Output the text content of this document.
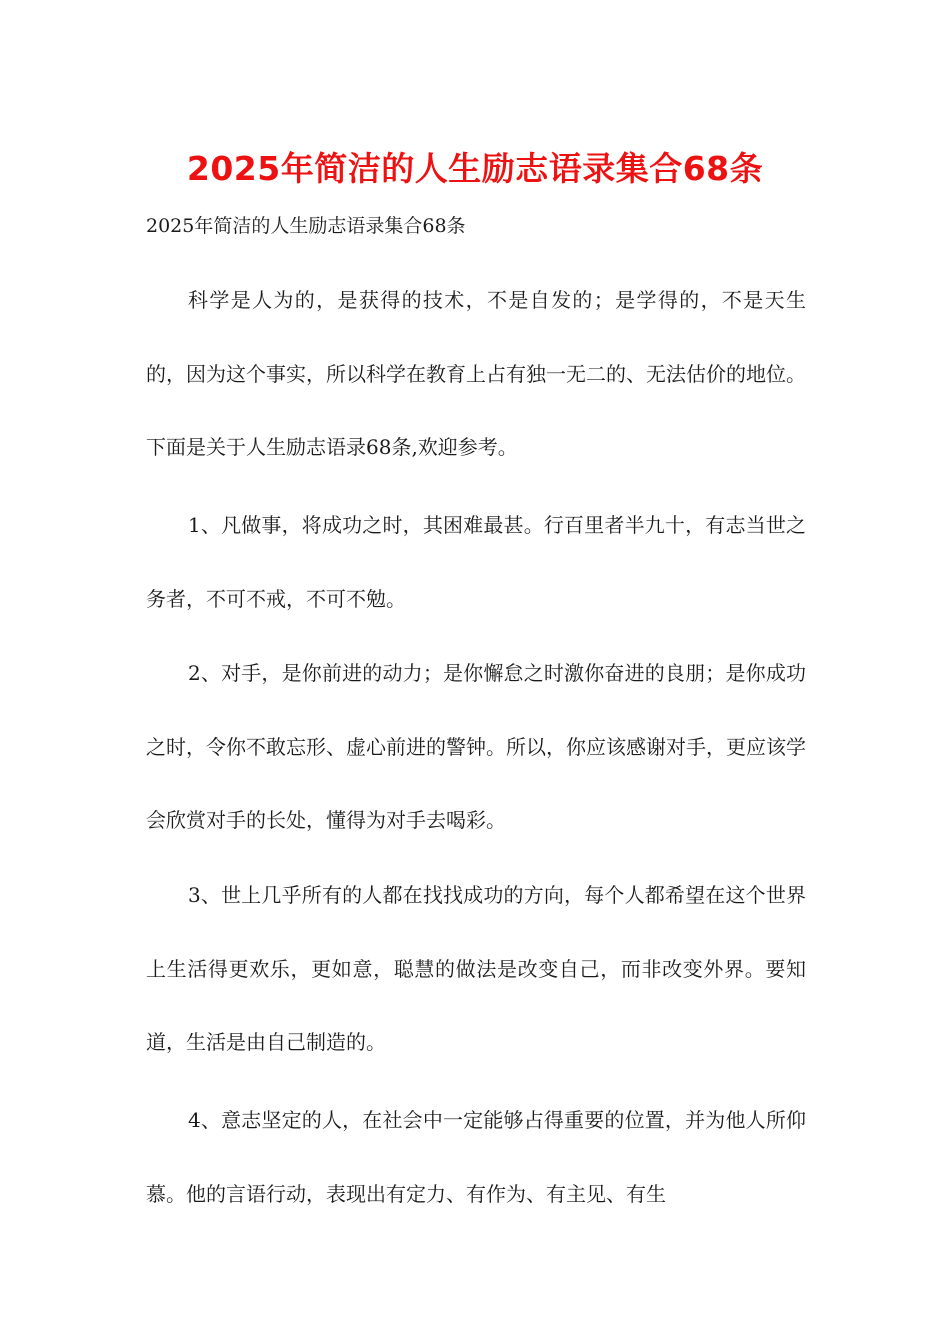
2025年简洁的人生励志语录集合68条
2025年简洁的人生励志语录集合68条

科学是人为的，是获得的技术，不是自发的；是学得的，不是天生的，因为这个事实，所以科学在教育上占有独一无二的、无法估价的地位。下面是关于人生励志语录68条,欢迎参考。

1、凡做事，将成功之时，其困难最甚。行百里者半九十，有志当世之务者，不可不戒，不可不勉。

2、对手，是你前进的动力；是你懈怠之时激你奋进的良朋；是你成功之时，令你不敢忘形、虚心前进的警钟。所以，你应该感谢对手，更应该学会欣赏对手的长处，懂得为对手去喝彩。

3、世上几乎所有的人都在找找成功的方向，每个人都希望在这个世界上生活得更欢乐，更如意，聪慧的做法是改变自己，而非改变外界。要知道，生活是由自己制造的。

4、意志坚定的人，在社会中一定能够占得重要的位置，并为他人所仰慕。他的言语行动，表现出有定力、有作为、有主见、有生
